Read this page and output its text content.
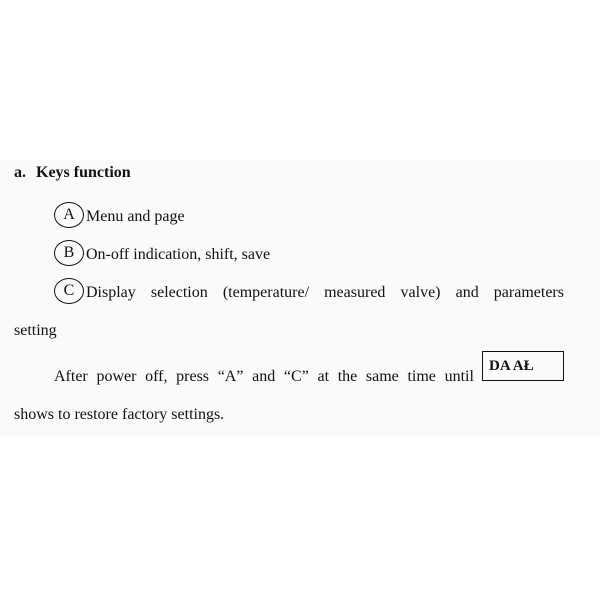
a. Keys function
A Menu and page
B On-off indication, shift, save
C Display selection (temperature/ measured valve) and parameters
setting
After power off, press “A” and “C” at the same time until
DA AŁ
shows to restore factory settings.
